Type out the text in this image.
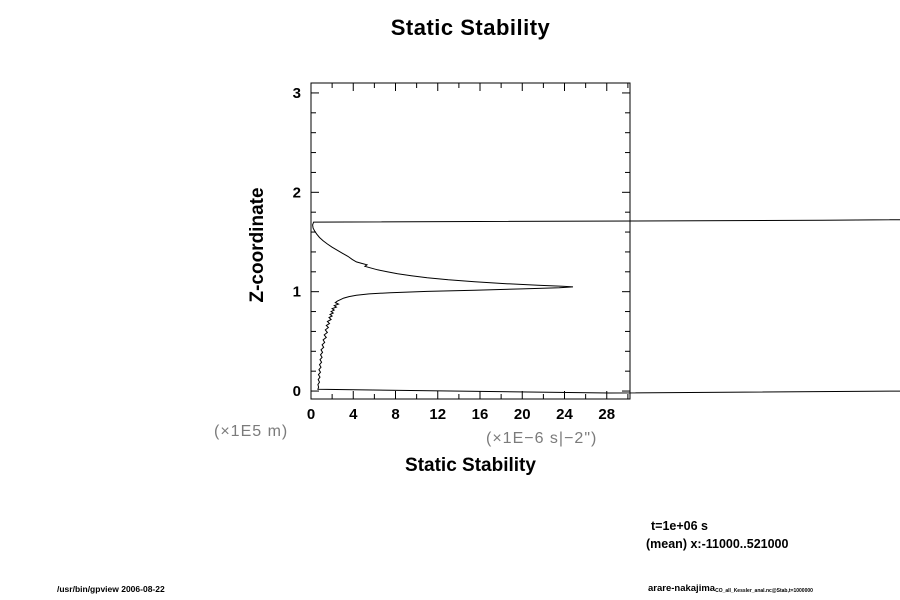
0 4 8 12 16 20 24 28
0
1
2
3
Static Stability
Z-coordinate
(×1E5 m)	(×1E−6 s|−2")
Static Stability
t=1e+06 s
(mean) x:-11000..521000
/usr/bin/gpview 2006-08-22	arare-nakajimaCO_all_Kessler_anal.nc@Stab,t=1000000
